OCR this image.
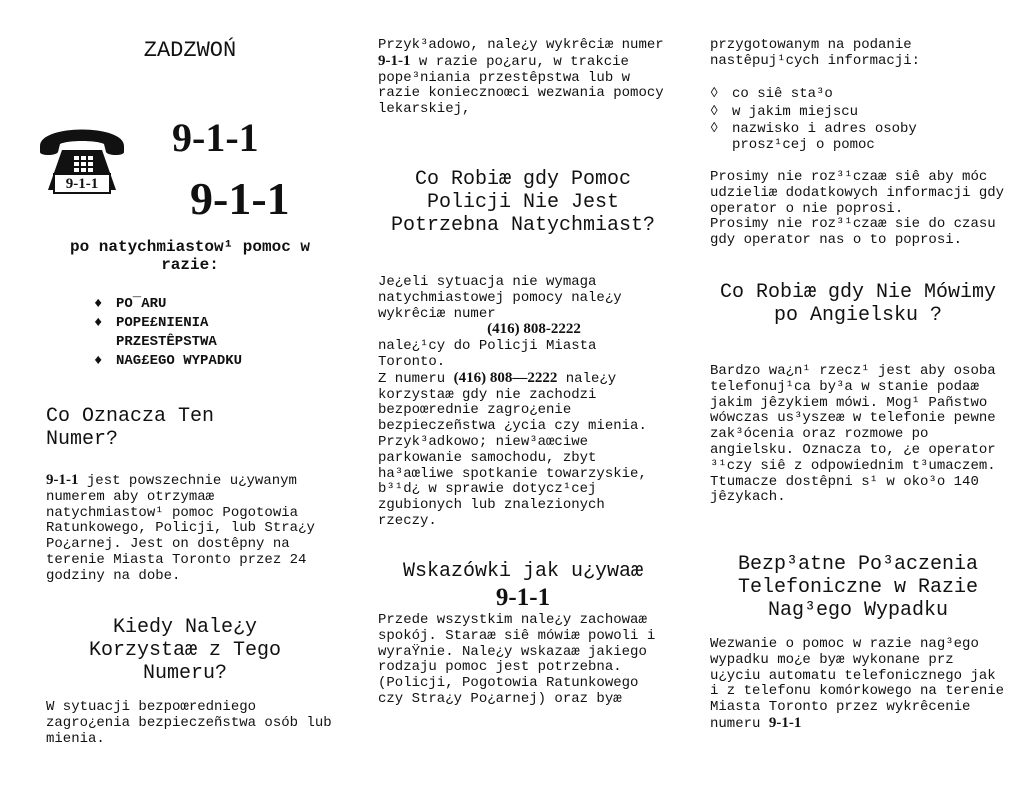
ZADZWOŃ
9-1-1
9-1-1
9-1-1
po natychmiastow¹ pomoc w razie:
♦ PO¯ARU
♦ POPE£NIENIA PRZESTÊPSTWA
♦ NAG£EGO WYPADKU
Co Oznacza Ten Numer?
9-1-1 jest powszechnie u¿ywanym numerem aby otrzymaæ natychmiastow¹ pomoc Pogotowia Ratunkowego, Policji, lub Stra¿y Po¿arnej. Jest on dostêpny na terenie Miasta Toronto przez 24 godziny na dobe.
Kiedy Nale¿y Korzystaæ z Tego Numeru?
W sytuacji bezpoœredniego zagro¿enia bezpieczeñstwa osób lub mienia.
Przyk³adowo, nale¿y wykrêciæ numer
9-1-1 w razie po¿aru, w trakcie pope³niania przestêpstwa lub w razie koniecznoœci wezwania pomocy lekarskiej,
Co Robiæ gdy Pomoc Policji Nie Jest Potrzebna Natychmiast?
Je¿eli sytuacja nie wymaga natychmiastowej pomocy nale¿y wykrêciæ numer
(416) 808-2222
nale¿¹cy do Policji Miasta Toronto.
Z numeru (416) 808—2222 nale¿y korzystaæ gdy nie zachodzi bezpoœrednie zagro¿enie bezpieczeñstwa ¿ycia czy mienia.
Przyk³adkowo; niew³aœciwe parkowanie samochodu, zbyt ha³aœliwe spotkanie towarzyskie, b³¹d¿ w sprawie dotycz¹cej zgubionych lub znalezionych rzeczy.
Wskazówki jak u¿ywaæ
9-1-1
Przede wszystkim nale¿y zachowaæ spokój. Staraæ siê mówiæ powoli i wyraŸnie. Nale¿y wskazaæ jakiego rodzaju pomoc jest potrzebna. (Policji, Pogotowia Ratunkowego czy Stra¿y Po¿arnej) oraz byæ
przygotowanym na podanie nastêpuj¹cych informacji:
◊ co siê sta³o
◊ w jakim miejscu
◊ nazwisko i adres osoby prosz¹cej o pomoc
Prosimy nie roz³¹czaæ siê aby móc udzieliæ dodatkowych informacji gdy operator o nie poprosi.
Prosimy nie roz³¹czaæ sie do czasu gdy operator nas o to poprosi.
Co Robiæ gdy Nie Mówimy po Angielsku ?
Bardzo wa¿n¹ rzecz¹ jest aby osoba telefonuj¹ca by³a w stanie podaæ jakim jêzykiem mówi. Mog¹ Pañstwo wówczas us³yszeæ w telefonie pewne zak³ócenia oraz rozmowe po angielsku. Oznacza to, ¿e operator ³¹czy siê z odpowiednim t³umaczem. Ttumacze dostêpni s¹ w oko³o 140 jêzykach.
Bezp³atne Po³aczenia Telefoniczne w Razie Nag³ego Wypadku
Wezwanie o pomoc w razie nag³ego wypadku mo¿e byæ wykonane prz u¿yciu automatu telefonicznego jak i z telefonu komórkowego na terenie Miasta Toronto przez wykrêcenie numeru 9-1-1
